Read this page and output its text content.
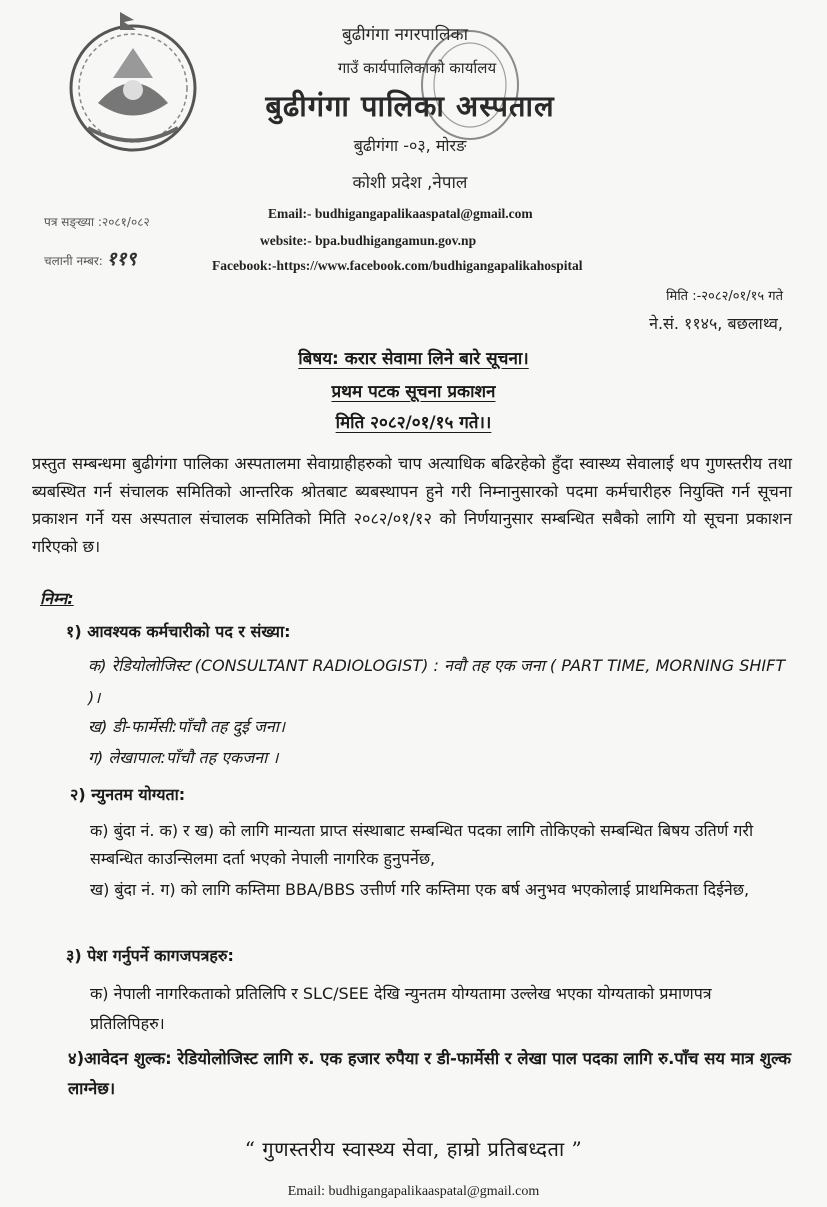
बुढीगंगा नगरपालिका
गाउँ कार्यपालिकाको कार्यालय
बुढीगंगा पालिका अस्पताल
बुढीगंगा -०३, मोरङ
कोशी प्रदेश ,नेपाल
Email:- budhigangapalikaaspatal@gmail.com
website:- bpa.budhigangamun.gov.np
Facebook:-https://www.facebook.com/budhigangapalikahospital
पत्र सङ्ख्या :२०८१/०८२
चलानी नम्बर: ११९
मिति :-२०८२/०१/१५ गते
ने.सं. ११४५, बछलाथ्व,
बिषय: करार सेवामा लिने बारे सूचना।
प्रथम पटक सूचना प्रकाशन
मिति २०८२/०१/१५ गते।।
प्रस्तुत सम्बन्धमा बुढीगंगा पालिका अस्पतालमा सेवाग्राहीहरुको चाप अत्याधिक बढिरहेको हुँदा स्वास्थ्य सेवालाई थप गुणस्तरीय तथा ब्यबस्थित गर्न संचालक समितिको आन्तरिक श्रोतबाट ब्यबस्थापन हुने गरी निम्नानुसारको पदमा कर्मचारीहरु नियुक्ति गर्न सूचना प्रकाशन गर्ने यस अस्पताल संचालक समितिको मिति २०८२/०१/१२ को निर्णयानुसार सम्बन्धित सबैको लागि यो सूचना प्रकाशन गरिएको छ।
निम्न:
१) आवश्यक कर्मचारीको पद र संख्या:
क) रेडियोलोजिस्ट (CONSULTANT RADIOLOGIST) : नवौ तह एक जना ( PART TIME, MORNING SHIFT )।
ख) डी-फार्मेसी:पाँचौ तह दुई जना।
ग) लेखापाल:पाँचौ तह एकजना ।
२) न्युनतम योग्यता:
क) बुंदा नं. क) र ख) को लागि मान्यता प्राप्त संस्थाबाट सम्बन्धित पदका लागि तोकिएको सम्बन्धित बिषय उतिर्ण गरी सम्बन्धित काउन्सिलमा दर्ता भएको नेपाली नागरिक हुनुपर्नेछ,
ख) बुंदा नं. ग) को लागि कम्तिमा BBA/BBS उत्तीर्ण गरि कम्तिमा एक बर्ष अनुभव भएकोलाई प्राथमिकता दिईनेछ,
३) पेश गर्नुपर्ने कागजपत्रहरु:
क) नेपाली नागरिकताको प्रतिलिपि र SLC/SEE देखि न्युनतम योग्यतामा उल्लेख भएका योग्यताको प्रमाणपत्र प्रतिलिपिहरु।
४)आवेदन शुल्क: रेडियोलोजिस्ट लागि रु. एक हजार रुपैया र डी-फार्मेसी र लेखा पाल पदका लागि रु.पाँच सय मात्र शुल्क लाग्नेछ।
“ गुणस्तरीय स्वास्थ्य सेवा, हाम्रो प्रतिबध्दता ”
Email: budhigangapalikaaspatal@gmail.com
